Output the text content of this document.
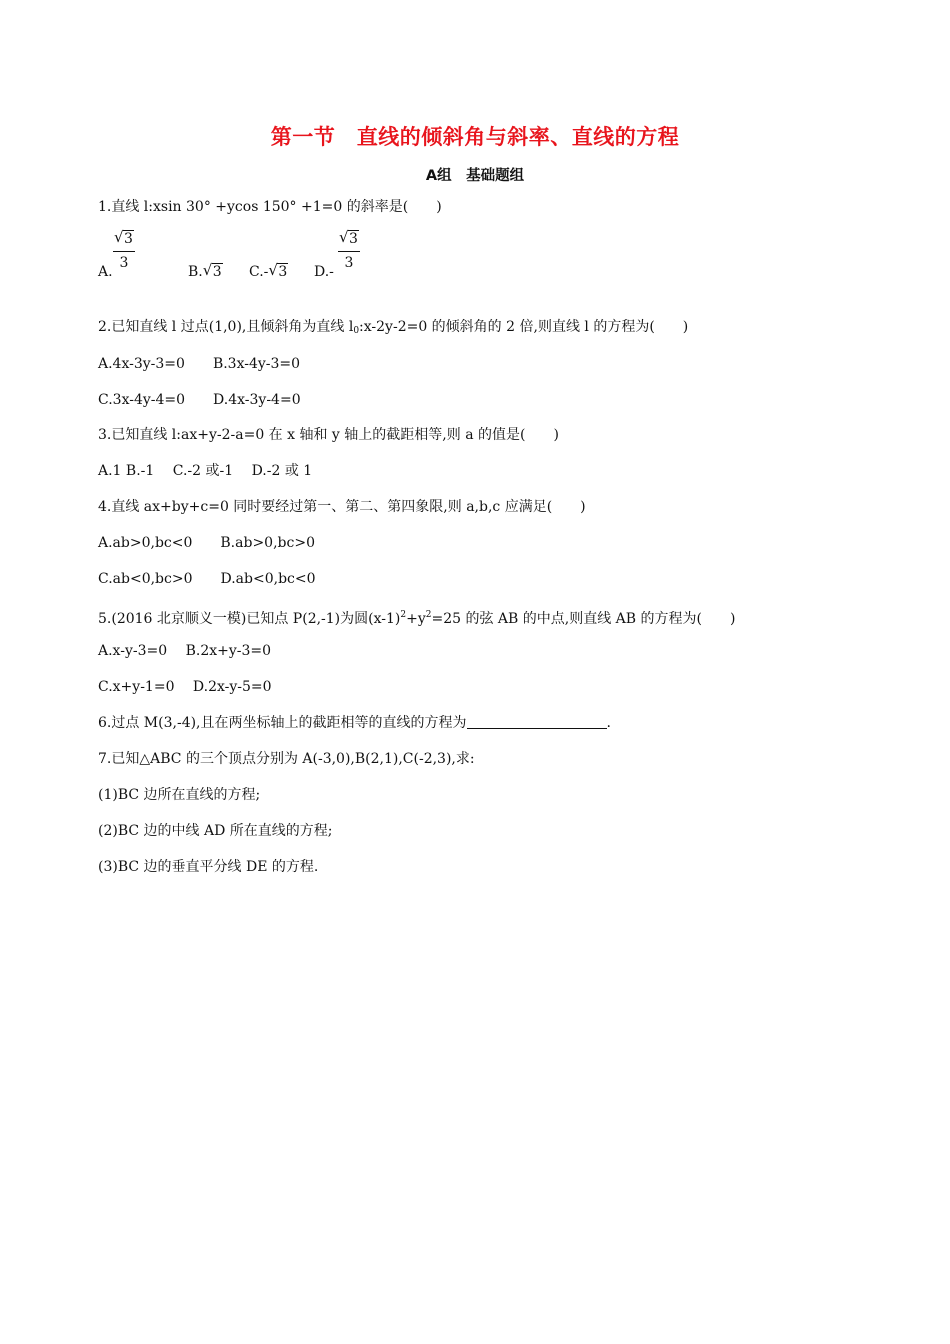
第一节　直线的倾斜角与斜率、直线的方程
A组　基础题组
1.直线 l:xsin 30° +ycos 150° +1=0 的斜率是(　　)
A.
√ 3
3
B. √ 3 C.- √ 3 D.-
√ 3
3
2.已知直线 l 过点(1,0),且倾斜角为直线 $l_0:x-2y-2=0$ 的倾斜角的 2 倍,则直线 l 的方程为(　　)
A.4x-3y-3=0　　B.3x-4y-3=0
C.3x-4y-4=0　　D.4x-3y-4=0
3.已知直线 l:ax+y-2-a=0 在 x 轴和 y 轴上的截距相等,则 a 的值是(　　)
A.1 B.-1　 C.-2 或-1　 D.-2 或 1
4.直线 ax+by+c=0 同时要经过第一、第二、第四象限,则 a,b,c 应满足(　　)
A.ab>0,bc<0　　B.ab>0,bc>0
C.ab<0,bc>0　　D.ab<0,bc<0
5.(2016 北京顺义一模)已知点 P(2,-1)为圆$(x-1)^2+y^2=25$ 的弦 AB 的中点,则直线 AB 的方程为(　　)
A.x-y-3=0　 B.2x+y-3=0
C.x+y-1=0　 D.2x-y-5=0
6.过点 M(3,-4),且在两坐标轴上的截距相等的直线的方程为	.
7.已知△ABC 的三个顶点分别为 A(-3,0),B(2,1),C(-2,3),求:
(1)BC 边所在直线的方程;
(2)BC 边的中线 AD 所在直线的方程;
(3)BC 边的垂直平分线 DE 的方程.
